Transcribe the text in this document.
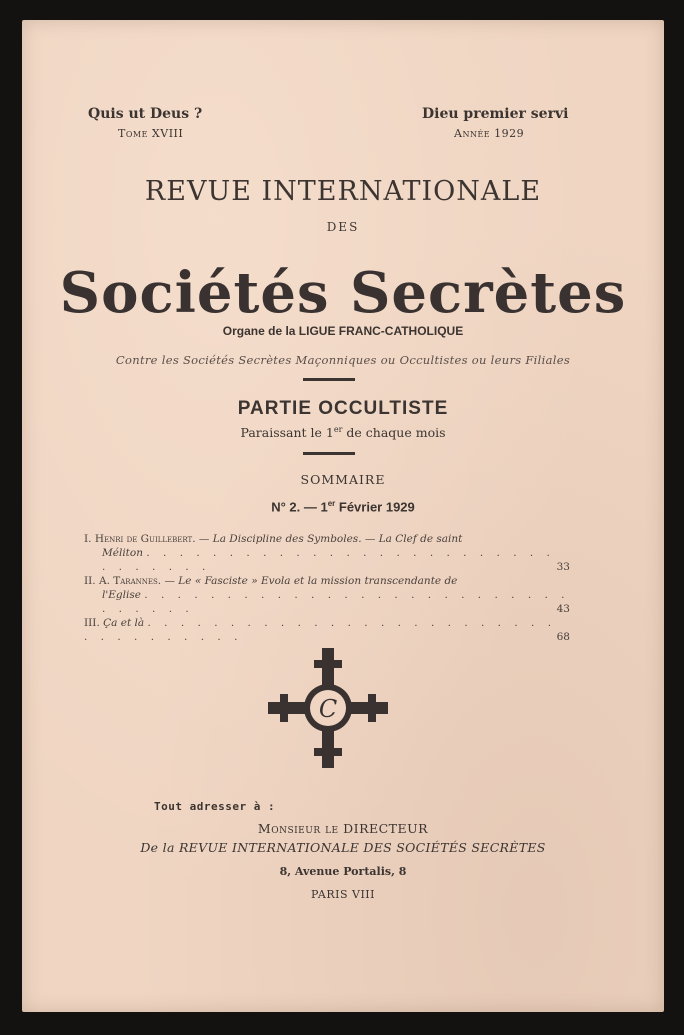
Quis ut Deus ?
Tome XVIII
Dieu premier servi
Année 1929
REVUE INTERNATIONALE
DES
Sociétés Secrètes
Organe de la LIGUE FRANC-CATHOLIQUE
Contre les Sociétés Secrètes Maçonniques ou Occultistes ou leurs Filiales
PARTIE OCCULTISTE
Paraissant le 1er de chaque mois
SOMMAIRE
N° 2. — 1er Février 1929
I. Henri de Guillebert. — La Discipline des Symboles. — La Clef de saint
Méliton . . . . . . . . . . . . . . . . . . . . . . . . . . . . . . . .	33
II. A. Tarannes. — Le « Fasciste » Evola et la mission transcendante de
l'Eglise . . . . . . . . . . . . . . . . . . . . . . . . . . . . . . . .	43
III. Ça et là . . . . . . . . . . . . . . . . . . . . . . . . . . . . . . . . . . .	68
C
Tout adresser à :
Monsieur le DIRECTEUR
De la REVUE INTERNATIONALE DES SOCIÉTÉS SECRÈTES
8, Avenue Portalis, 8
PARIS VIII
